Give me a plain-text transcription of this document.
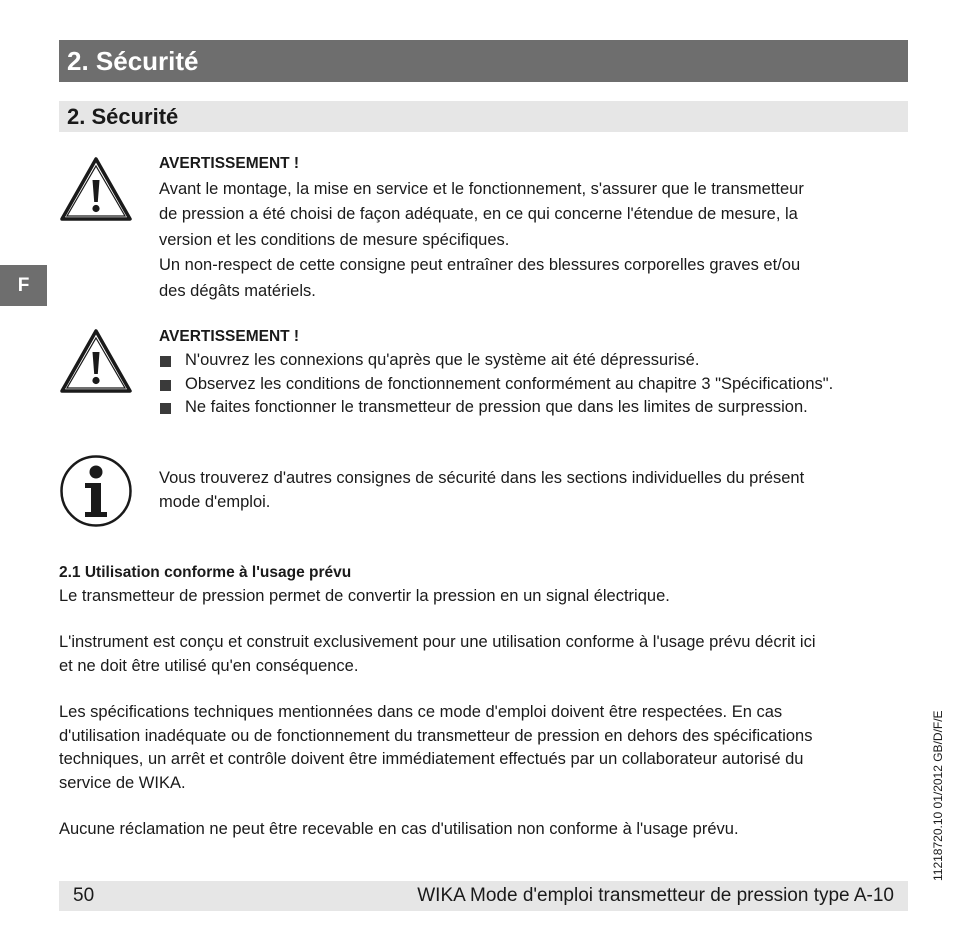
2. Sécurité
2. Sécurité
F
AVERTISSEMENT !
Avant le montage, la mise en service et le fonctionnement, s'assurer que le transmetteur
de pression a été choisi de façon adéquate, en ce qui concerne l'étendue de mesure, la
version et les conditions de mesure spécifiques.
Un non-respect de cette consigne peut entraîner des blessures corporelles graves et/ou
des dégâts matériels.
AVERTISSEMENT !
N'ouvrez les connexions qu'après que le système ait été dépressurisé.
Observez les conditions de fonctionnement conformément au chapitre 3 "Spécifications".
Ne faites fonctionner le transmetteur de pression que dans les limites de surpression.
Vous trouverez d'autres consignes de sécurité dans les sections individuelles du présent
mode d'emploi.
2.1 Utilisation conforme à l'usage prévu
Le transmetteur de pression permet de convertir la pression en un signal électrique.
L'instrument est conçu et construit exclusivement pour une utilisation conforme à l'usage prévu décrit ici
et ne doit être utilisé qu'en conséquence.
Les spécifications techniques mentionnées dans ce mode d'emploi doivent être respectées. En cas
d'utilisation inadéquate ou de fonctionnement du transmetteur de pression en dehors des spécifications
techniques, un arrêt et contrôle doivent être immédiatement effectués par un collaborateur autorisé du
service de WIKA.
Aucune réclamation ne peut être recevable en cas d'utilisation non conforme à l'usage prévu.
50	WIKA Mode d'emploi transmetteur de pression type A-10
11218720.10 01/2012 GB/D/F/E
